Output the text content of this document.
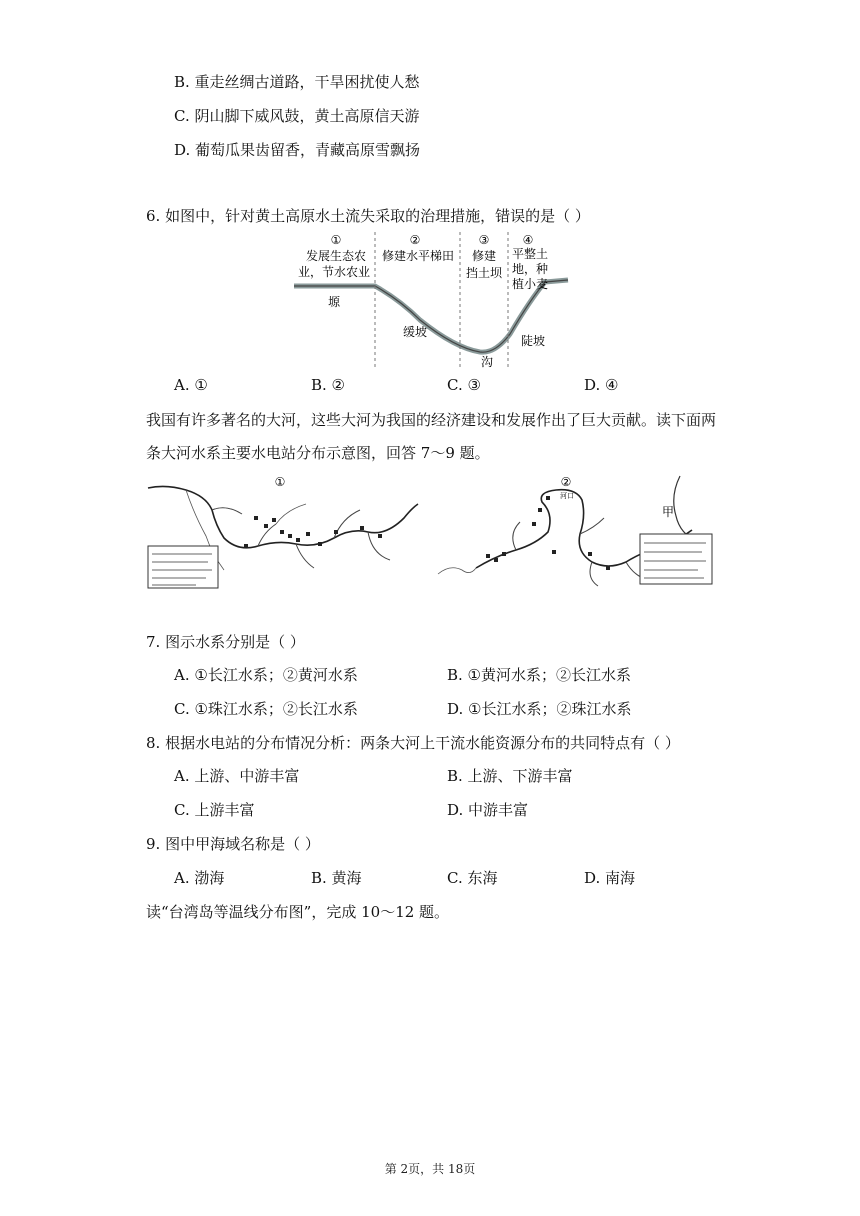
B. 重走丝绸古道路，干旱困扰使人愁
C. 阴山脚下威风鼓，黄土高原信天游
D. 葡萄瓜果齿留香，青藏高原雪飘扬
6. 如图中，针对黄土高原水土流失采取的治理措施，错误的是（ ）
①	②	③	④
发展生态农
业，节水农业
修建水平梯田 修建
挡土坝
平整土
地，种
植小麦
塬
缓坡
沟
陡坡
A. ①	B. ②	C. ③	D. ④
我国有许多著名的大河，这些大河为我国的经济建设和发展作出了巨大贡献。读下面两
条大河水系主要水电站分布示意图，回答 7～9 题。
①	②
河口
甲
7. 图示水系分别是（ ）
A. ①长江水系；②黄河水系	B. ①黄河水系；②长江水系
C. ①珠江水系；②长江水系	D. ①长江水系；②珠江水系
8. 根据水电站的分布情况分析：两条大河上干流水能资源分布的共同特点有（ ）
A. 上游、中游丰富	B. 上游、下游丰富
C. 上游丰富	D. 中游丰富
9. 图中甲海域名称是（ ）
A. 渤海	B. 黄海	C. 东海	D. 南海
读“台湾岛等温线分布图”，完成 10～12 题。
第 2页，共 18页
